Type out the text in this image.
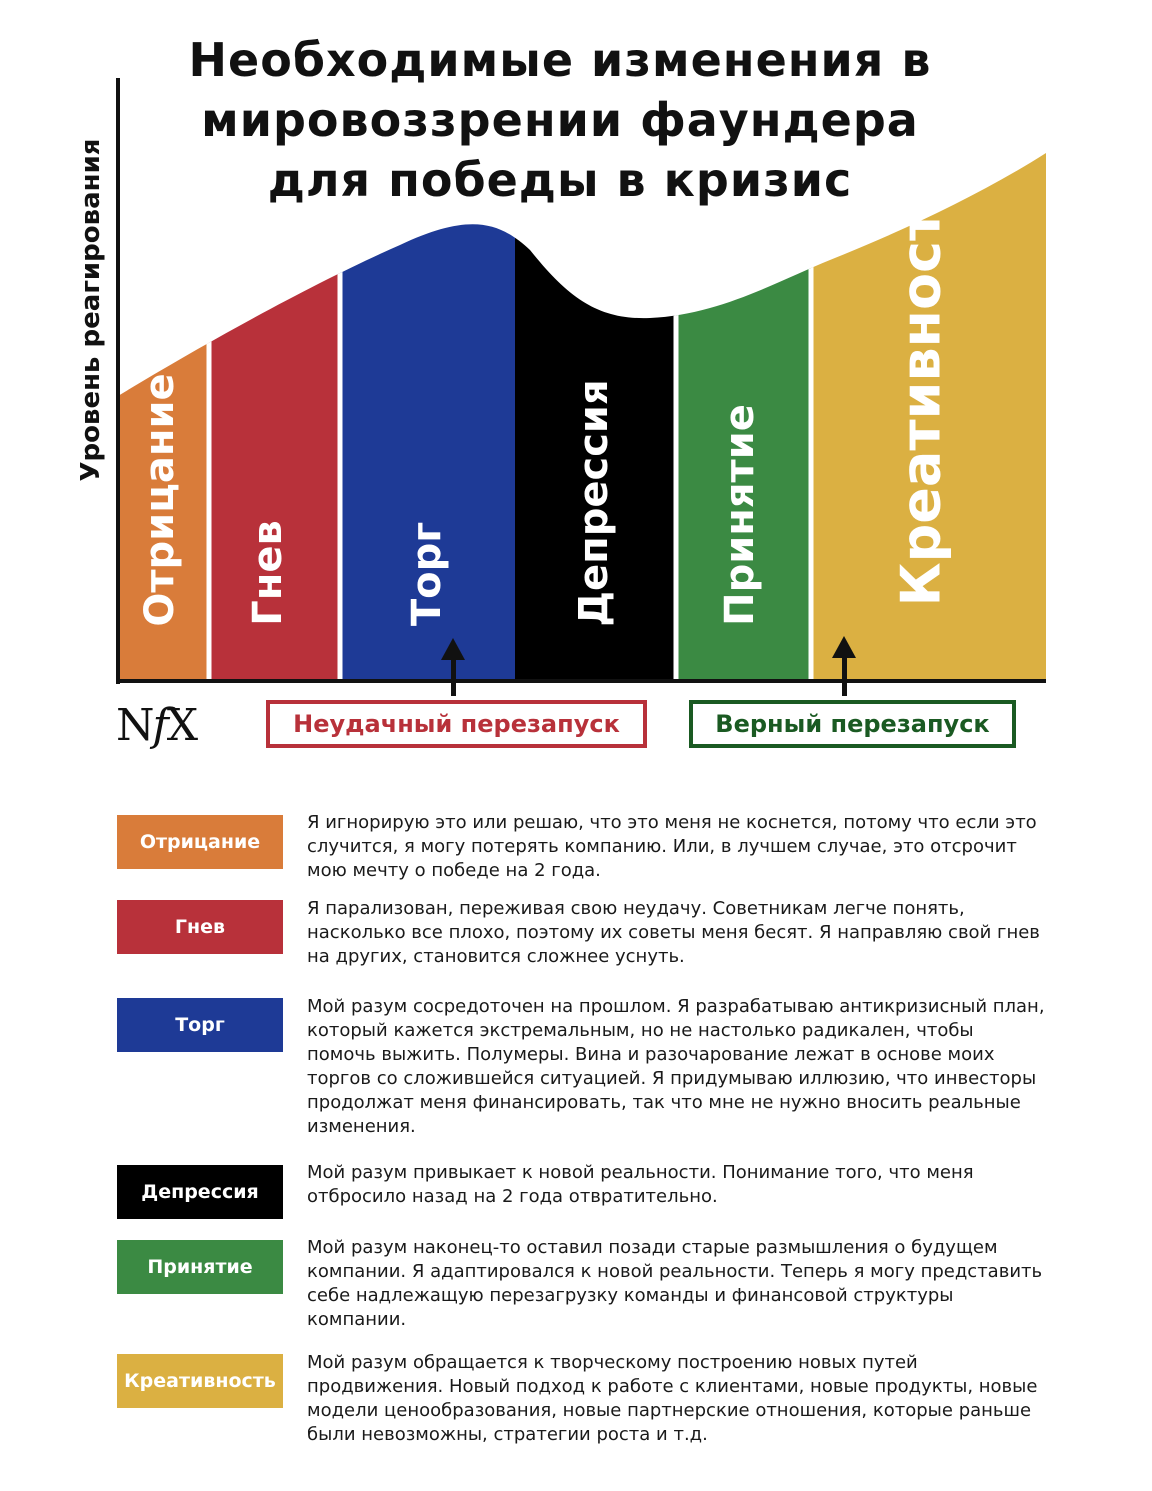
Необходимые изменения в
мировоззрении фаундера
для победы в кризис
Уровень реагирования
Отрицание Гнев	Торг	Депрессия	Принятие Креативность
Неудачный перезапуск	Верный перезапуск
NfX
Отрицание
Я игнорирую это или решаю, что это меня не коснется, потому что если это случится, я могу потерять компанию. Или, в лучшем случае, это отсрочит мою мечту о победе на 2 года.
Гнев
Я парализован, переживая свою неудачу. Советникам легче понять, насколько все плохо, поэтому их советы меня бесят. Я направляю свой гнев на других, становится сложнее уснуть.
Торг
Мой разум сосредоточен на прошлом. Я разрабатываю антикризисный план, который кажется экстремальным, но не настолько радикален, чтобы помочь выжить. Полумеры. Вина и разочарование лежат в основе моих торгов со сложившейся ситуацией. Я придумываю иллюзию, что инвесторы продолжат меня финансировать, так что мне не нужно вносить реальные изменения.
Депрессия
Мой разум привыкает к новой реальности. Понимание того, что меня отбросило назад на 2 года отвратительно.
Принятие
Мой разум наконец-то оставил позади старые размышления о будущем компании. Я адаптировался к новой реальности. Теперь я могу представить себе надлежащую перезагрузку команды и финансовой структуры компании.
Креативность
Мой разум обращается к творческому построению новых путей продвижения. Новый подход к работе с клиентами, новые продукты, новые модели ценообразования, новые партнерские отношения, которые раньше были невозможны, стратегии роста и т.д.
